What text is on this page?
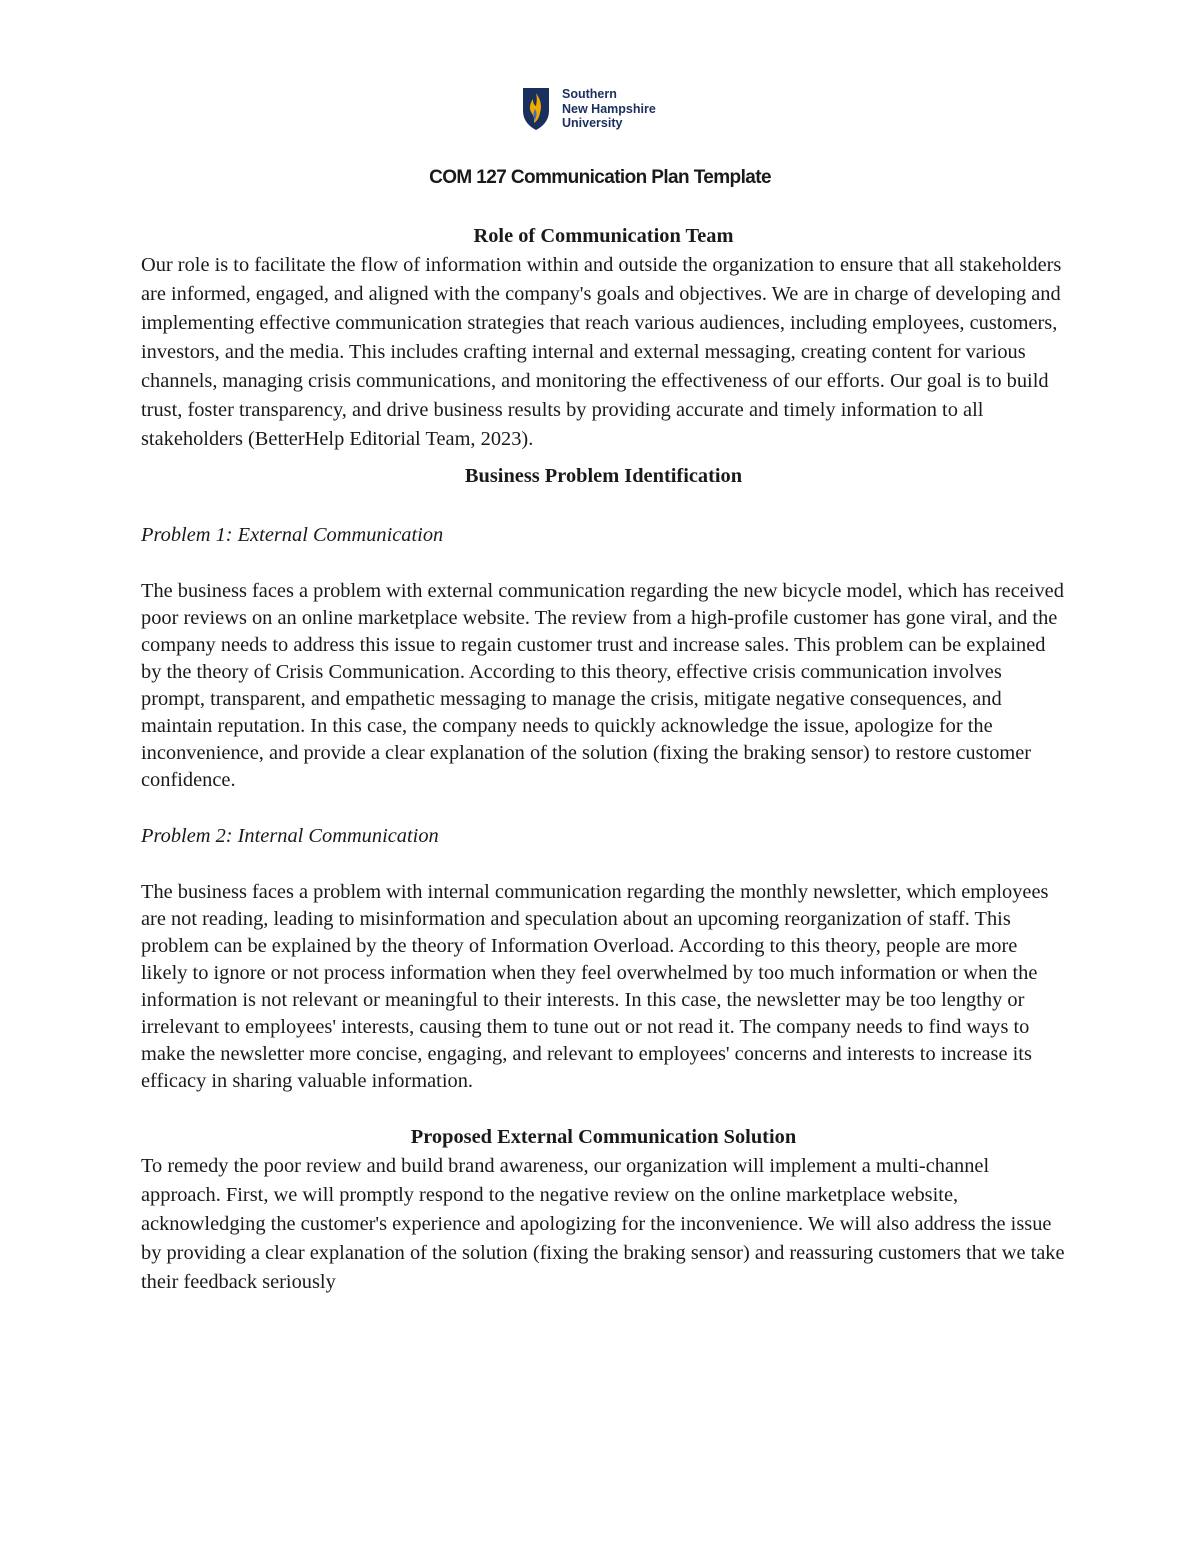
Southern
New Hampshire
University
COM 127 Communication Plan Template
Role of Communication Team

Our role is to facilitate the flow of information within and outside the organization to ensure that all stakeholders are informed, engaged, and aligned with the company's goals and objectives. We are in charge of developing and implementing effective communication strategies that reach various audiences, including employees, customers, investors, and the media. This includes crafting internal and external messaging, creating content for various channels, managing crisis communications, and monitoring the effectiveness of our efforts. Our goal is to build trust, foster transparency, and drive business results by providing accurate and timely information to all stakeholders (BetterHelp Editorial Team, 2023).

Business Problem Identification

Problem 1: External Communication

The business faces a problem with external communication regarding the new bicycle model, which has received poor reviews on an online marketplace website. The review from a high-profile customer has gone viral, and the company needs to address this issue to regain customer trust and increase sales. This problem can be explained by the theory of Crisis Communication. According to this theory, effective crisis communication involves prompt, transparent, and empathetic messaging to manage the crisis, mitigate negative consequences, and maintain reputation. In this case, the company needs to quickly acknowledge the issue, apologize for the inconvenience, and provide a clear explanation of the solution (fixing the braking sensor) to restore customer confidence.

Problem 2: Internal Communication

The business faces a problem with internal communication regarding the monthly newsletter, which employees are not reading, leading to misinformation and speculation about an upcoming reorganization of staff. This problem can be explained by the theory of Information Overload. According to this theory, people are more likely to ignore or not process information when they feel overwhelmed by too much information or when the information is not relevant or meaningful to their interests. In this case, the newsletter may be too lengthy or irrelevant to employees' interests, causing them to tune out or not read it. The company needs to find ways to make the newsletter more concise, engaging, and relevant to employees' concerns and interests to increase its efficacy in sharing valuable information.

Proposed External Communication Solution

To remedy the poor review and build brand awareness, our organization will implement a multi-channel approach. First, we will promptly respond to the negative review on the online marketplace website, acknowledging the customer's experience and apologizing for the inconvenience. We will also address the issue by providing a clear explanation of the solution (fixing the braking sensor) and reassuring customers that we take their feedback seriously
